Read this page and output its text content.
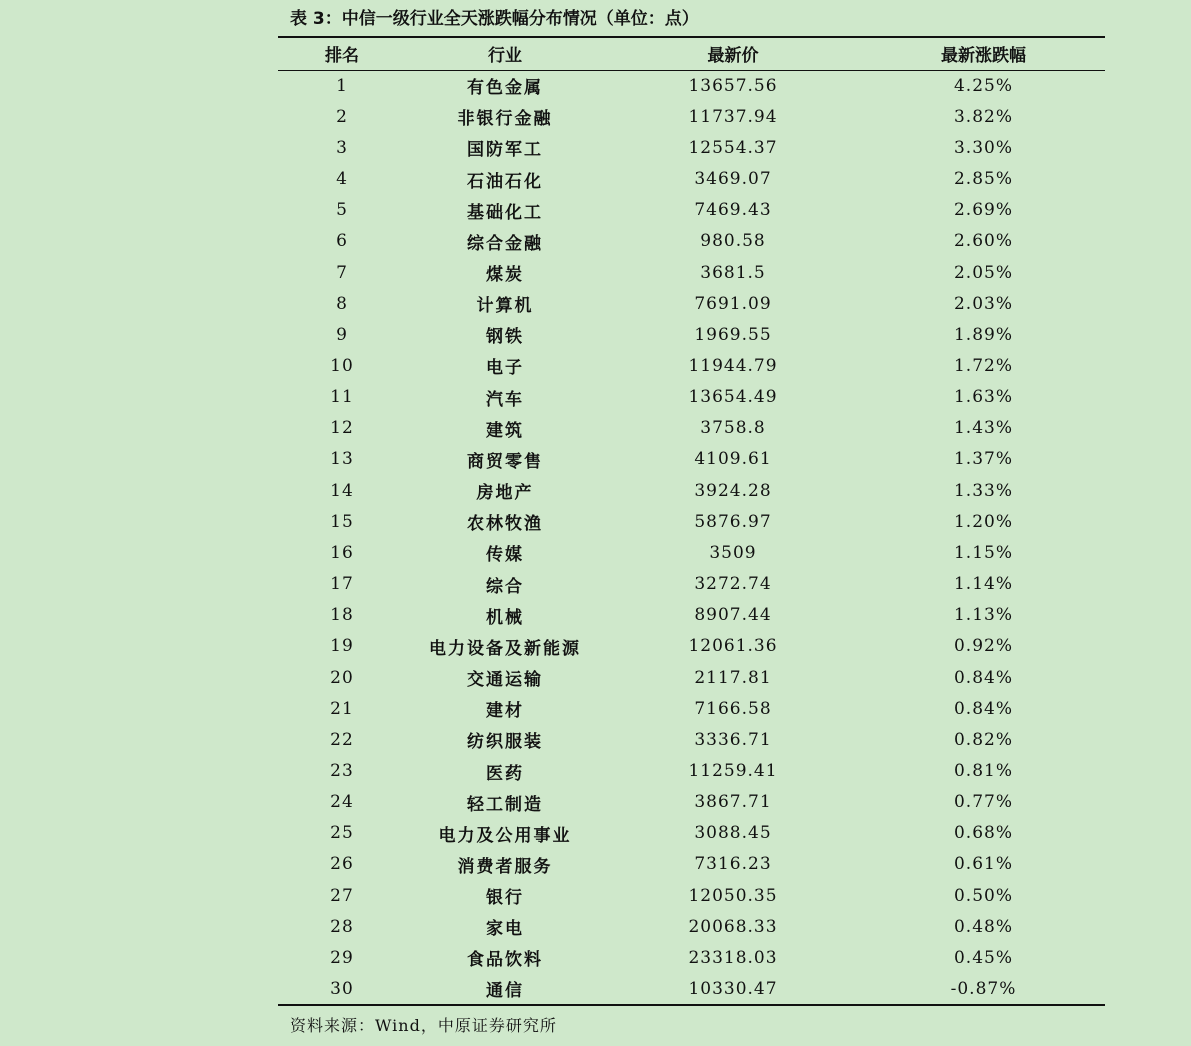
表 3：中信一级行业全天涨跌幅分布情况（单位：点）
排名	行业	最新价	最新涨跌幅
1	有色金属	13657.56	4.25%
2	非银行金融	11737.94	3.82%
3	国防军工	12554.37	3.30%
4	石油石化	3469.07	2.85%
5	基础化工	7469.43	2.69%
6	综合金融	980.58	2.60%
7	煤炭	3681.5	2.05%
8	计算机	7691.09	2.03%
9	钢铁	1969.55	1.89%
10	电子	11944.79	1.72%
11	汽车	13654.49	1.63%
12	建筑	3758.8	1.43%
13	商贸零售	4109.61	1.37%
14	房地产	3924.28	1.33%
15	农林牧渔	5876.97	1.20%
16	传媒	3509	1.15%
17	综合	3272.74	1.14%
18	机械	8907.44	1.13%
19	电力设备及新能源	12061.36	0.92%
20	交通运输	2117.81	0.84%
21	建材	7166.58	0.84%
22	纺织服装	3336.71	0.82%
23	医药	11259.41	0.81%
24	轻工制造	3867.71	0.77%
25	电力及公用事业	3088.45	0.68%
26	消费者服务	7316.23	0.61%
27	银行	12050.35	0.50%
28	家电	20068.33	0.48%
29	食品饮料	23318.03	0.45%
30	通信	10330.47	-0.87%
资料来源：Wind，中原证券研究所
